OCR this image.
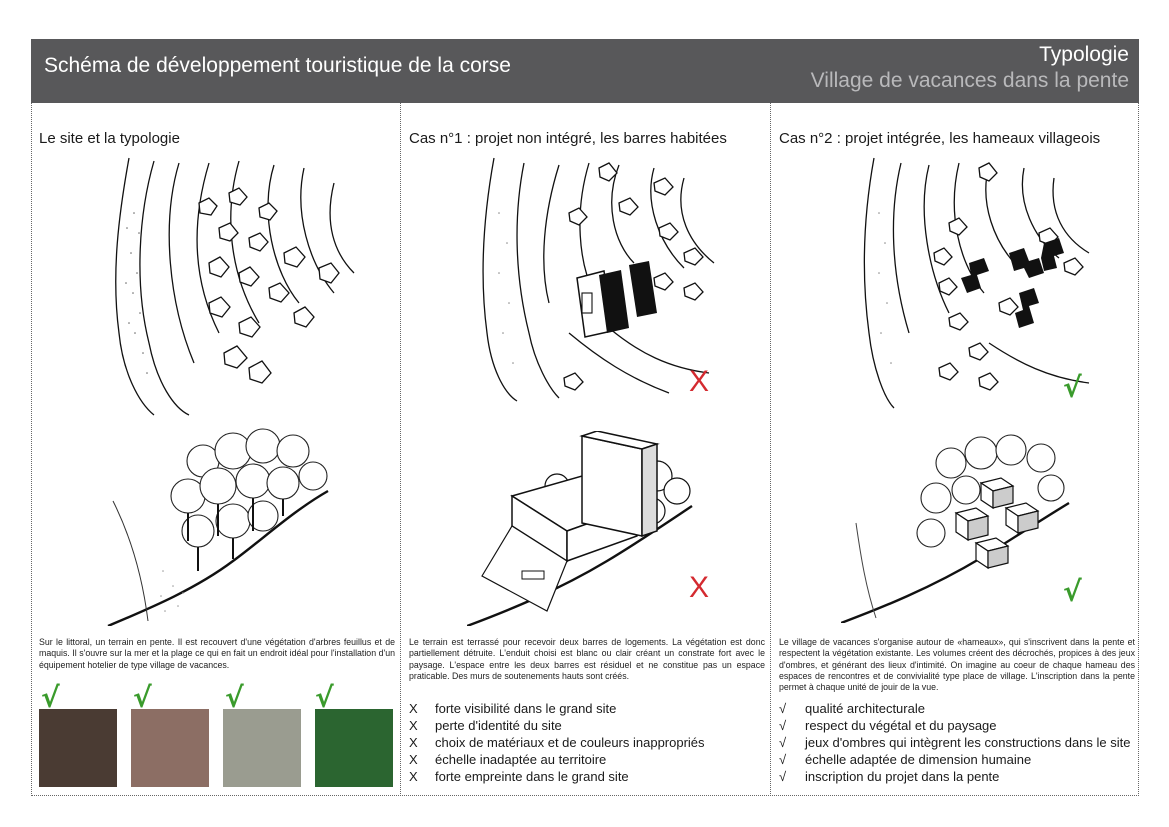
Schéma de développement touristique de la corse	Typologie
Village de vacances dans la pente
Le site et la typologie
Sur le littoral, un terrain en pente. Il est recouvert d'une végétation d'arbres feuillus et de maquis. Il s'ouvre sur la mer et la plage ce qui en fait un endroit idéal pour l'installation d'un équipement hotelier de type village de vacances.
√	√	√	√
Cas n°1 : projet non intégré, les barres habitées
X
X
Le terrain est terrassé pour recevoir deux barres de logements. La végétation est donc partiellement détruite. L'enduit choisi est blanc ou clair créant un constrate fort avec le paysage. L'espace entre les deux barres est résiduel et ne constitue pas un espace praticable. Des murs de soutenements hauts sont créés.
X	forte visibilité dans le grand site
X	perte d'identité du site
X	choix de matériaux et de couleurs inappropriés
X	échelle inadaptée au territoire
X	forte empreinte dans le grand site
Cas n°2 : projet intégrée, les hameaux villageois
√
√
Le village de vacances s'organise autour de «hameaux», qui s'inscrivent dans la pente et respectent la végétation existante. Les volumes créent des décrochés, propices à des jeux d'ombres, et générant des lieux d'intimité. On imagine au coeur de chaque hameau des espaces de rencontres et de convivialité type place de village. L'inscription dans la pente permet à chaque unité de jouir de la vue.
√	qualité architecturale
√	respect du végétal et du paysage
√	jeux d'ombres qui intègrent les constructions dans le site
√	échelle adaptée de dimension humaine
√	inscription du projet dans la pente
